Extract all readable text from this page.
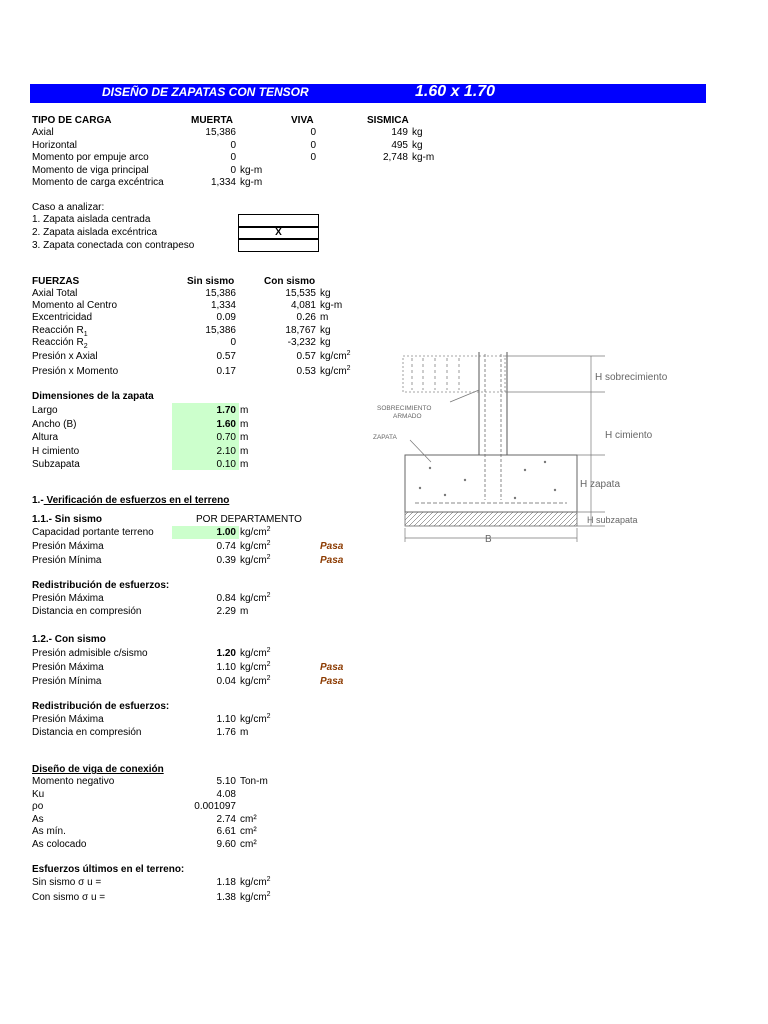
DISEÑO DE ZAPATAS CON TENSOR	1.60 x 1.70
TIPO DE CARGA	MUERTA	VIVA	SISMICA
Axial	15,386	0	149 kg
Horizontal	0	0	495 kg
Momento por empuje arco	0	0	2,748 kg-m
Momento de viga principal	0 kg-m
Momento de carga excéntrica	1,334 kg-m
Caso a analizar:
1. Zapata aislada centrada
2. Zapata aislada excéntrica
3. Zapata conectada con contrapeso
X
FUERZAS	Sin sismo	Con sismo
Axial Total	15,386	15,535 kg
Momento al Centro	1,334	4,081 kg-m
Excentricidad	0.09	0.26 m
Reacción $R_1$	15,386	18,767 kg
Reacción $R_2$	0	-3,232 kg
Presión x Axial	0.57	0.57 $kg/cm^2$
Presión x Momento	0.17	0.53 $kg/cm^2$
Dimensiones de la zapata
Largo	1.70 m
Ancho (B)	1.60 m
Altura	0.70 m
H cimiento	2.10 m
Subzapata	0.10 m
1.- Verificación de esfuerzos en el terreno
1.1.- Sin sismo	POR DEPARTAMENTO
Capacidad portante terreno	1.00 $kg/cm^2$
Presión Máxima	0.74 $kg/cm^2$	Pasa
Presión Mínima	0.39 $kg/cm^2$	Pasa
Redistribución de esfuerzos:
Presión Máxima	0.84 $kg/cm^2$
Distancia en compresión	2.29 m
1.2.- Con sismo
Presión admisible c/sismo	1.20 $kg/cm^2$
Presión Máxima	1.10 $kg/cm^2$	Pasa
Presión Mínima	0.04 $kg/cm^2$	Pasa
Redistribución de esfuerzos:
Presión Máxima	1.10 $kg/cm^2$
Distancia en compresión	1.76 m
Diseño de viga de conexión
Momento negativo	5.10 Ton-m
Ku	4.08
ρo	0.001097
As	2.74 cm²
As mín.	6.61 cm²
As colocado	9.60 cm²
Esfuerzos últimos en el terreno:
Sin sismo σ u =	1.18 $kg/cm^2$
Con sismo σ u =	1.38 $kg/cm^2$
H sobrecimiento
SOBRECIMIENTO
ARMADO
H cimiento
ZAPATA
H zapata
H subzapata
B
